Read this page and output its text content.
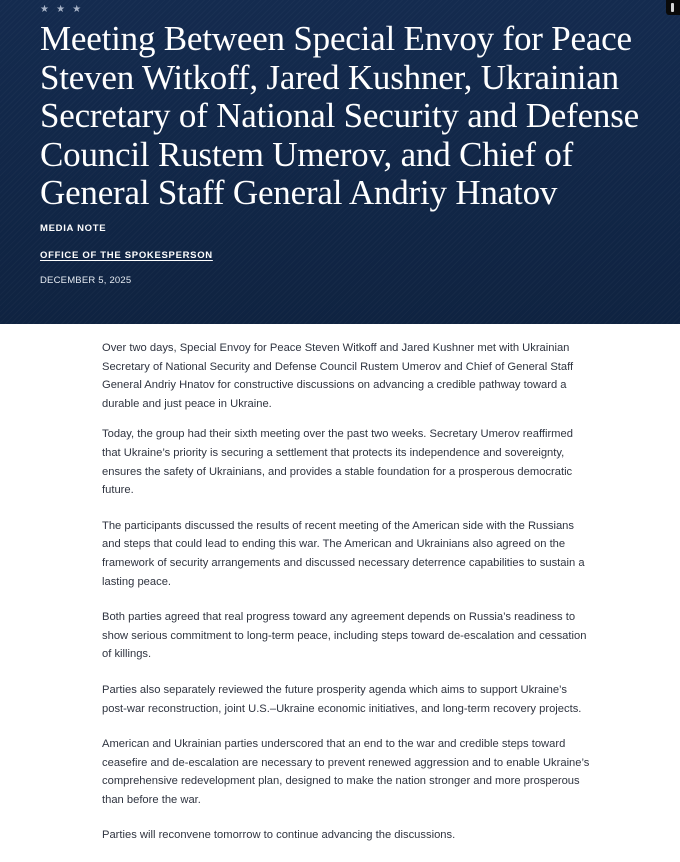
★ ★ ★
Meeting Between Special Envoy for Peace Steven Witkoff, Jared Kushner, Ukrainian Secretary of National Security and Defense Council Rustem Umerov, and Chief of General Staff General Andriy Hnatov
MEDIA NOTE
OFFICE OF THE SPOKESPERSON
DECEMBER 5, 2025

Over two days, Special Envoy for Peace Steven Witkoff and Jared Kushner met with Ukrainian Secretary of National Security and Defense Council Rustem Umerov and Chief of General Staff General Andriy Hnatov for constructive discussions on advancing a credible pathway toward a durable and just peace in Ukraine.

Today, the group had their sixth meeting over the past two weeks. Secretary Umerov reaffirmed that Ukraine’s priority is securing a settlement that protects its independence and sovereignty, ensures the safety of Ukrainians, and provides a stable foundation for a prosperous democratic future.

The participants discussed the results of recent meeting of the American side with the Russians and steps that could lead to ending this war. The American and Ukrainians also agreed on the framework of security arrangements and discussed necessary deterrence capabilities to sustain a lasting peace.

Both parties agreed that real progress toward any agreement depends on Russia’s readiness to show serious commitment to long-term peace, including steps toward de-escalation and cessation of killings.

Parties also separately reviewed the future prosperity agenda which aims to support Ukraine’s post-war reconstruction, joint U.S.–Ukraine economic initiatives, and long-term recovery projects.

American and Ukrainian parties underscored that an end to the war and credible steps toward ceasefire and de-escalation are necessary to prevent renewed aggression and to enable Ukraine’s comprehensive redevelopment plan, designed to make the nation stronger and more prosperous than before the war.

Parties will reconvene tomorrow to continue advancing the discussions.
